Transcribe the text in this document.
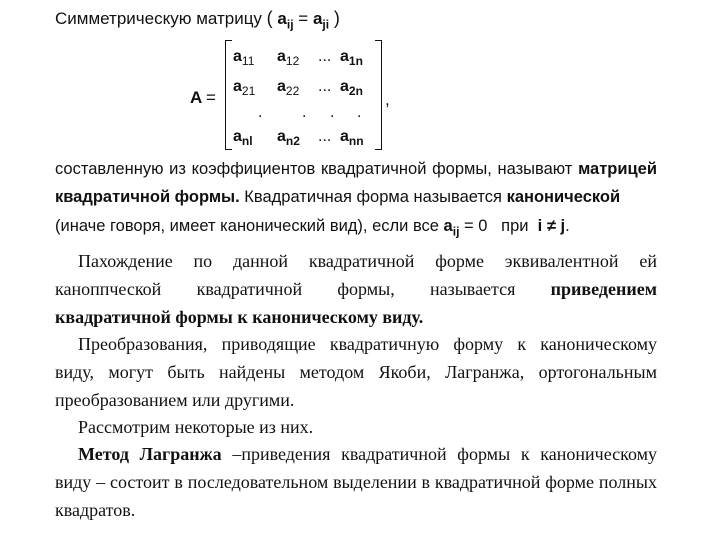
Симметрическую матрицу ( $a_{ij} = a_{ji}$ )
A =	,
$a_{11}$ $a_{12}$ ... $a_{1n}$
$a_{21}$ $a_{22}$ ... $a_{2n}$
. . . .
$a_{nl}$ $a_{n2}$ ... $a_{nn}$
составленную из коэффициентов квадратичной формы, называют матрицей
квадратичной формы. Квадратичная форма называется канонической
(иначе говоря, имеет канонический вид), если все $a_{ij} = 0$ при i ≠ j.
Пахождение по данной квадратичной форме эквивалентной ей
каноппческой квадратичной формы, называется приведением
квадратичной формы к каноническому виду.
Преобразования, приводящие квадратичную форму к каноническому
виду, могут быть найдены методом Якоби, Лагранжа, ортогональным
преобразованием или другими.
Рассмотрим некоторые из них.
Метод Лагранжа –приведения квадратичной формы к каноническому
виду – состоит в последовательном выделении в квадратичной форме полных
квадратов.
